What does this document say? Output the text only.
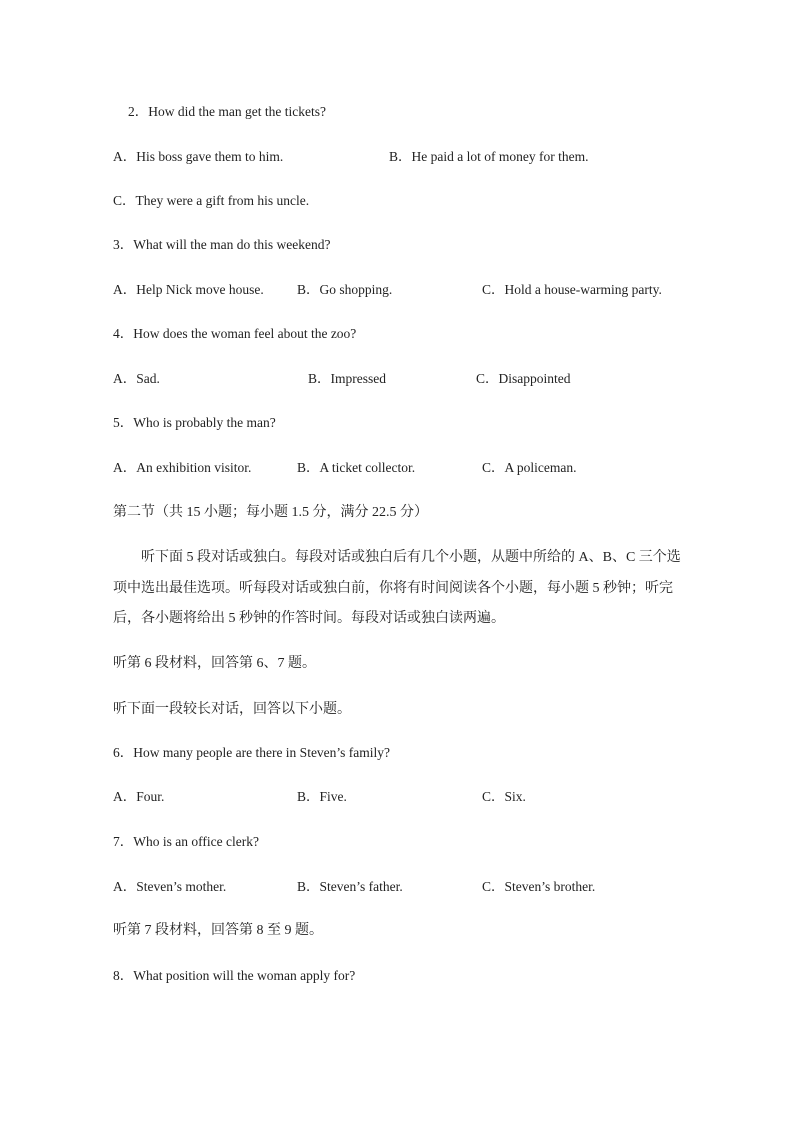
2．How did the man get the tickets?
A．His boss gave them to him.	B．He paid a lot of money for them.
C．They were a gift from his uncle.
3．What will the man do this weekend?
A．Help Nick move house. B．Go shopping.	C．Hold a house-warming party.
4．How does the woman feel about the zoo?
A．Sad.	B．Impressed	C．Disappointed
5．Who is probably the man?
A．An exhibition visitor.	B．A ticket collector.	C．A policeman.
第二节（共 15 小题；每小题 1.5 分，满分 22.5 分）
听下面 5 段对话或独白。每段对话或独白后有几个小题，从题中所给的 A、B、C 三个选
项中选出最佳选项。听每段对话或独白前，你将有时间阅读各个小题，每小题 5 秒钟；听完
后，各小题将给出 5 秒钟的作答时间。每段对话或独白读两遍。
听第 6 段材料，回答第 6、7 题。
听下面一段较长对话，回答以下小题。
6．How many people are there in Steven’s family?
A．Four.	B．Five.	C．Six.
7．Who is an office clerk?
A．Steven’s mother.	B．Steven’s father.	C．Steven’s brother.
听第 7 段材料，回答第 8 至 9 题。
8．What position will the woman apply for?
